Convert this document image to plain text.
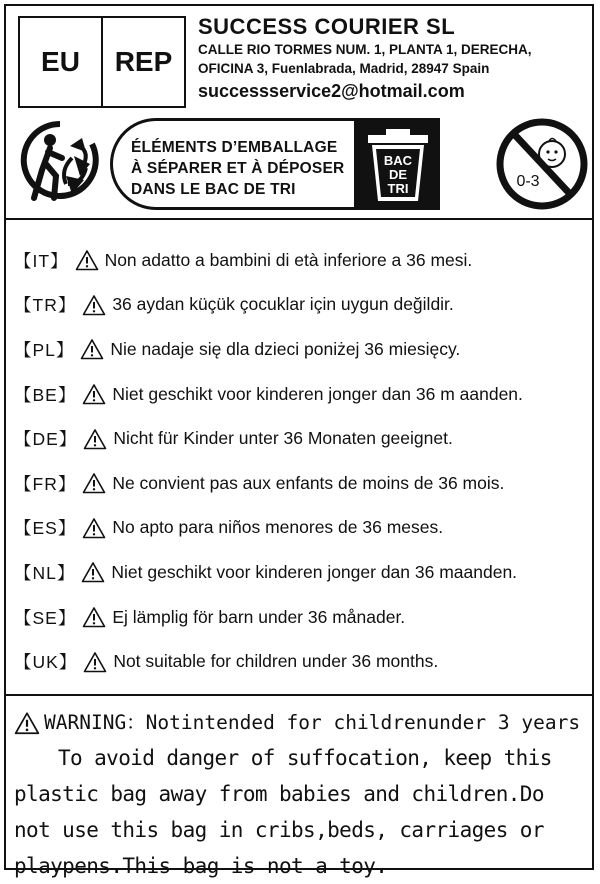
EU	REP
SUCCESS COURIER SL
CALLE RIO TORMES NUM. 1, PLANTA 1, DERECHA,
OFICINA 3, Fuenlabrada, Madrid, 28947 Spain
successservice2@hotmail.com
ÉLÉMENTS D’EMBALLAGE
À SÉPARER ET À DÉPOSER
DANS LE BAC DE TRI
BAC
DE
TRI	0-3
【IT】 Non adatto a bambini di età inferiore a 36 mesi.
【TR】 36 aydan küçük çocuklar için uygun değildir.
【PL】 Nie nadaje się dla dzieci poniżej 36 miesięcy.
【BE】 Niet geschikt voor kinderen jonger dan 36 m aanden.
【DE】 Nicht für Kinder unter 36 Monaten geeignet.
【FR】 Ne convient pas aux enfants de moins de 36 mois.
【ES】 No apto para niños menores de 36 meses.
【NL】 Niet geschikt voor kinderen jonger dan 36 maanden.
【SE】 Ej lämplig för barn under 36 månader.
【UK】 Not suitable for children under 36 months.
WARNING：Notintended for childrenunder 3 years
To avoid danger of suffocation, keep this plastic bag away from babies and children.Do not use this bag in cribs,beds, carriages or playpens.This bag is not a toy.
